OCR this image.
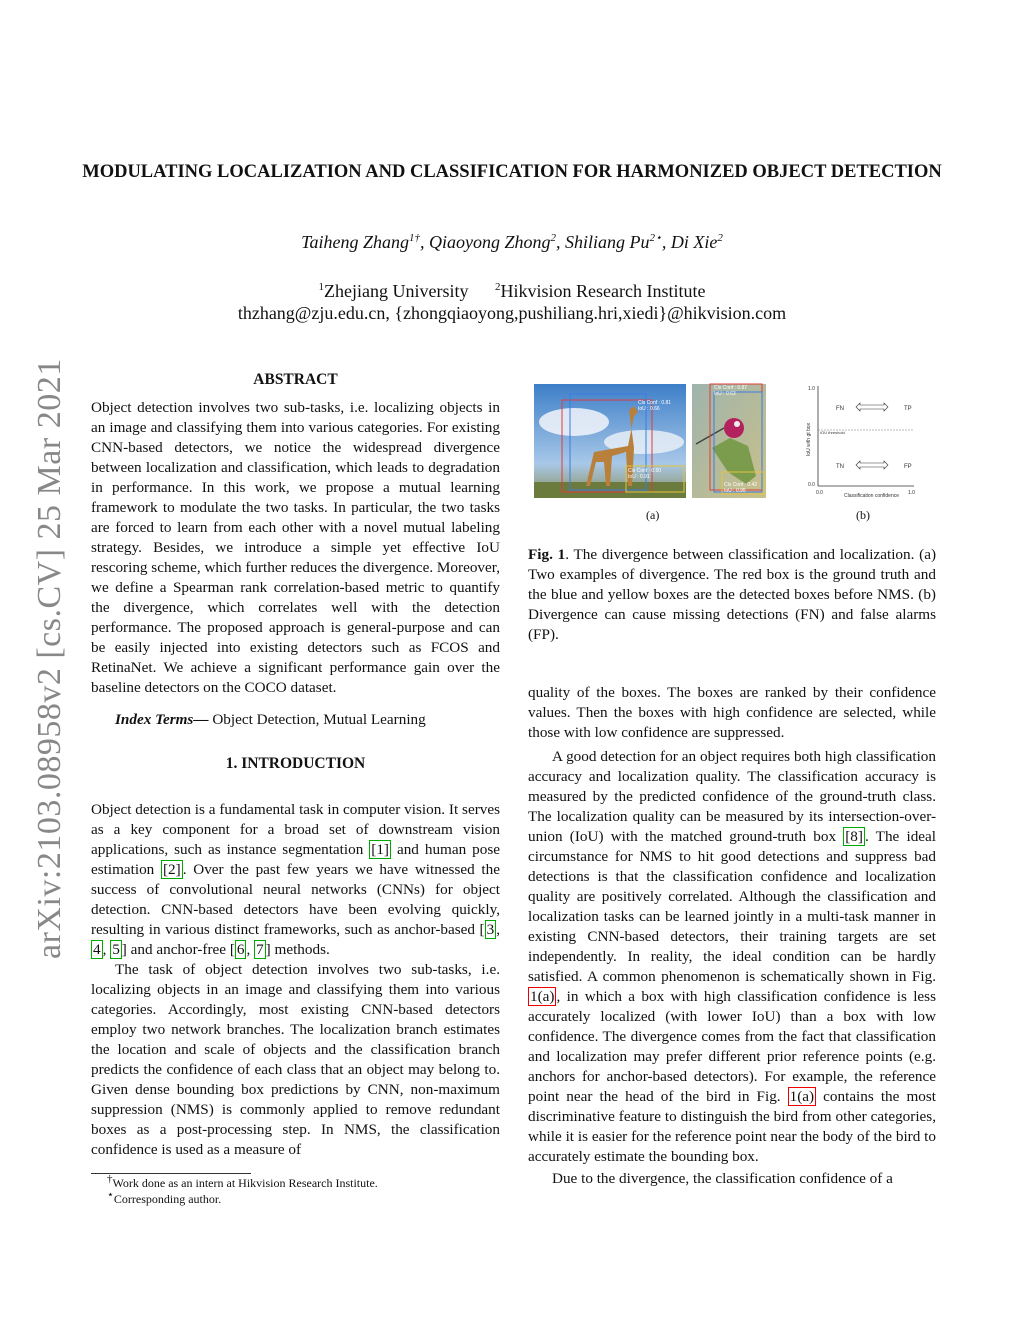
arXiv:2103.08958v2 [cs.CV] 25 Mar 2021
MODULATING LOCALIZATION AND CLASSIFICATION FOR HARMONIZED OBJECT DETECTION
Taiheng Zhang$^{1\dagger}$, Qiaoyong Zhong$^2$, Shiliang $Pu^{2⋆}$, Di Xie$^2$
$^1$Zhejiang University $^2$Hikvision Research Institute
thzhang@zju.edu.cn, {zhongqiaoyong,pushiliang.hri,xiedi}@hikvision.com

ABSTRACT

Object detection involves two sub-tasks, i.e. localizing objects in an image and classifying them into various categories. For existing CNN-based detectors, we notice the widespread divergence between localization and classification, which leads to degradation in performance. In this work, we propose a mutual learning framework to modulate the two tasks. In particular, the two tasks are forced to learn from each other with a novel mutual labeling strategy. Besides, we introduce a simple yet effective IoU rescoring scheme, which further reduces the divergence. Moreover, we define a Spearman rank correlation-based metric to quantify the divergence, which correlates well with the detection performance. The proposed approach is general-purpose and can be easily injected into existing detectors such as FCOS and RetinaNet. We achieve a significant performance gain over the baseline detectors on the COCO dataset.

Index Terms— Object Detection, Mutual Learning

1. INTRODUCTION

Object detection is a fundamental task in computer vision. It serves as a key component for a broad set of downstream vision applications, such as instance segmentation [1] and human pose estimation [2] . Over the past few years we have witnessed the success of convolutional neural networks (CNNs) for object detection. CNN-based detectors have been evolving quickly, resulting in various distinct frameworks, such as anchor-based [ 3 , 4 , 5 ] and anchor-free [ 6 , 7 ] methods.

The task of object detection involves two sub-tasks, i.e. localizing objects in an image and classifying them into various categories. Accordingly, most existing CNN-based detectors employ two network branches. The localization branch estimates the location and scale of objects and the classification branch predicts the confidence of each class that an object may belong to. Given dense bounding box predictions by CNN, non-maximum suppression (NMS) is commonly applied to remove redundant boxes as a post-processing step. In NMS, the classification confidence is used as a measure of

†Work done as an intern at Hikvision Research Institute.
⋆Corresponding author.
Cls Conf : 0.81
IoU : 0.66
Cls Conf : 0.50
IoU : 0.91
Cls Conf : 0.87
IoU : 0.63
Cls Conf : 0.42
IoU : 0.95
1.0
0.0
0.0	1.0
IOU threshold
FN	TP
TN	FP
Classification confidence
IoU with gt box
(a)	(b)
Fig. 1. The divergence between classification and localization. (a) Two examples of divergence. The red box is the ground truth and the blue and yellow boxes are the detected boxes before NMS. (b) Divergence can cause missing detections (FN) and false alarms (FP).

quality of the boxes. The boxes are ranked by their confidence values. Then the boxes with high confidence are selected, while those with low confidence are suppressed.

A good detection for an object requires both high classification accuracy and localization quality. The classification accuracy is measured by the predicted confidence of the ground-truth class. The localization quality can be measured by its intersection-over-union (IoU) with the matched ground-truth box [8] . The ideal circumstance for NMS to hit good detections and suppress bad detections is that the classification confidence and localization quality are positively correlated. Although the classification and localization tasks can be learned jointly in a multi-task manner in existing CNN-based detectors, their training targets are set independently. In reality, the ideal condition can be hardly satisfied. A common phenomenon is schematically shown in Fig. 1(a) , in which a box with high classification confidence is less accurately localized (with lower IoU) than a box with low confidence. The divergence comes from the fact that classification and localization may prefer different prior reference points (e.g. anchors for anchor-based detectors). For example, the reference point near the head of the bird in Fig. 1(a) contains the most discriminative feature to distinguish the bird from other categories, while it is easier for the reference point near the body of the bird to accurately estimate the bounding box.

Due to the divergence, the classification confidence of a
